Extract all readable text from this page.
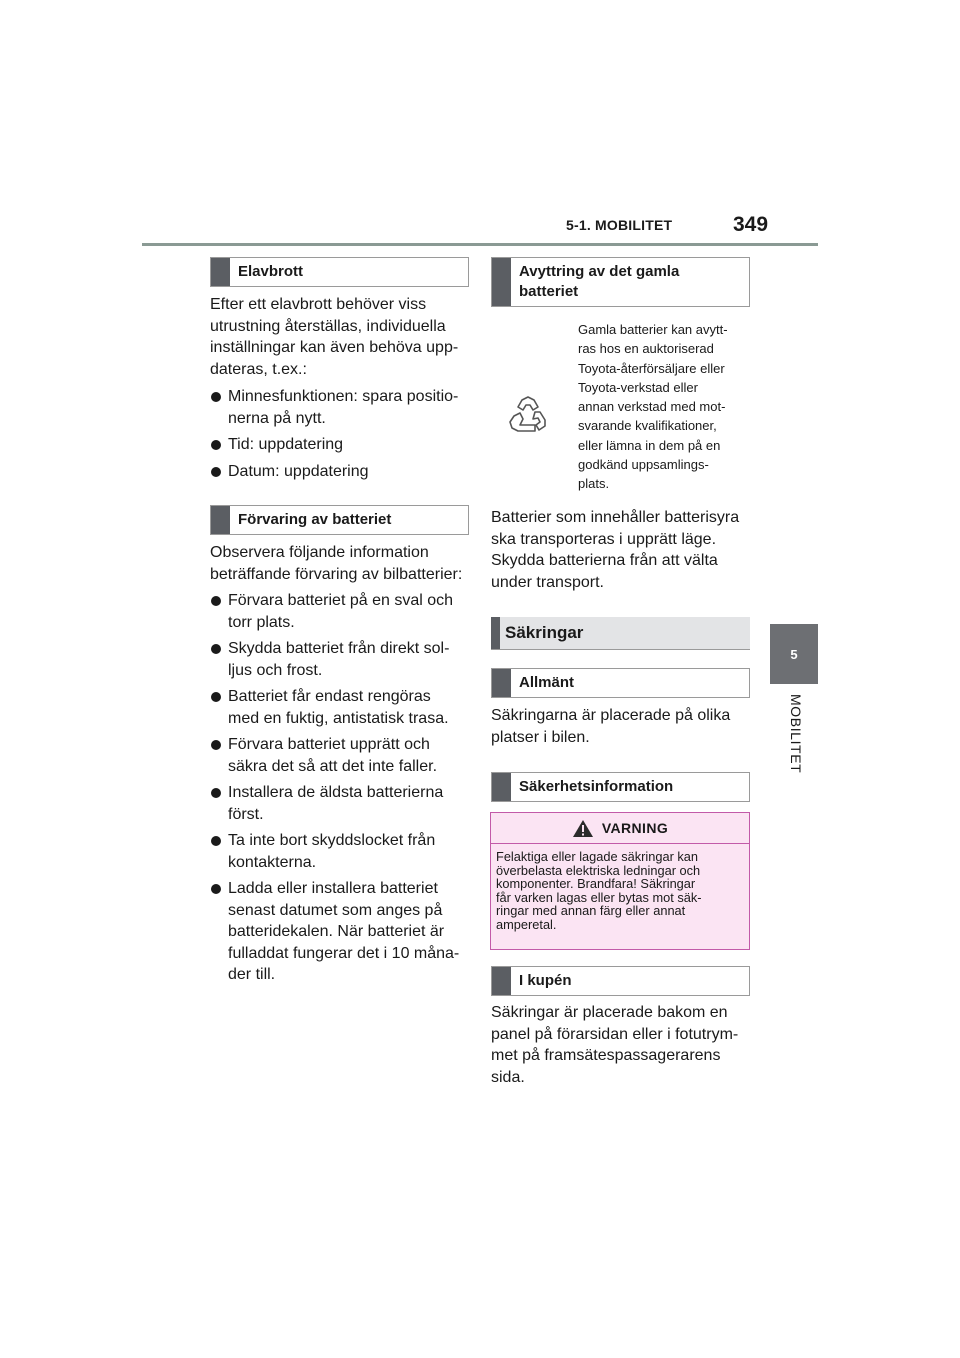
5-1. MOBILITET	349
5
MOBILITET
Elavbrott
Efter ett elavbrott behöver viss
utrustning återställas, individuella
inställningar kan även behöva upp-
dateras, t.ex.:
Minnesfunktionen: spara positio-
nerna på nytt.
Tid: uppdatering
Datum: uppdatering
Förvaring av batteriet
Observera följande information
beträffande förvaring av bilbatterier:
Förvara batteriet på en sval och
torr plats.
Skydda batteriet från direkt sol-
ljus och frost.
Batteriet får endast rengöras
med en fuktig, antistatisk trasa.
Förvara batteriet upprätt och
säkra det så att det inte faller.
Installera de äldsta batterierna
först.
Ta inte bort skyddslocket från
kontakterna.
Ladda eller installera batteriet
senast datumet som anges på
batteridekalen. När batteriet är
fulladdat fungerar det i 10 måna-
der till.
Avyttring av det gamla
batteriet
Gamla batterier kan avytt-
ras hos en auktoriserad
Toyota-återförsäljare eller
Toyota-verkstad eller
annan verkstad med mot-
svarande kvalifikationer,
eller lämna in dem på en
godkänd uppsamlings-
plats.
Batterier som innehåller batterisyra
ska transporteras i upprätt läge.
Skydda batterierna från att välta
under transport.
Säkringar
Allmänt
Säkringarna är placerade på olika
platser i bilen.
Säkerhetsinformation
VARNING
Felaktiga eller lagade säkringar kan
överbelasta elektriska ledningar och
komponenter. Brandfara! Säkringar
får varken lagas eller bytas mot säk-
ringar med annan färg eller annat
amperetal.
I kupén
Säkringar är placerade bakom en
panel på förarsidan eller i fotutrym-
met på framsätespassagerarens
sida.
